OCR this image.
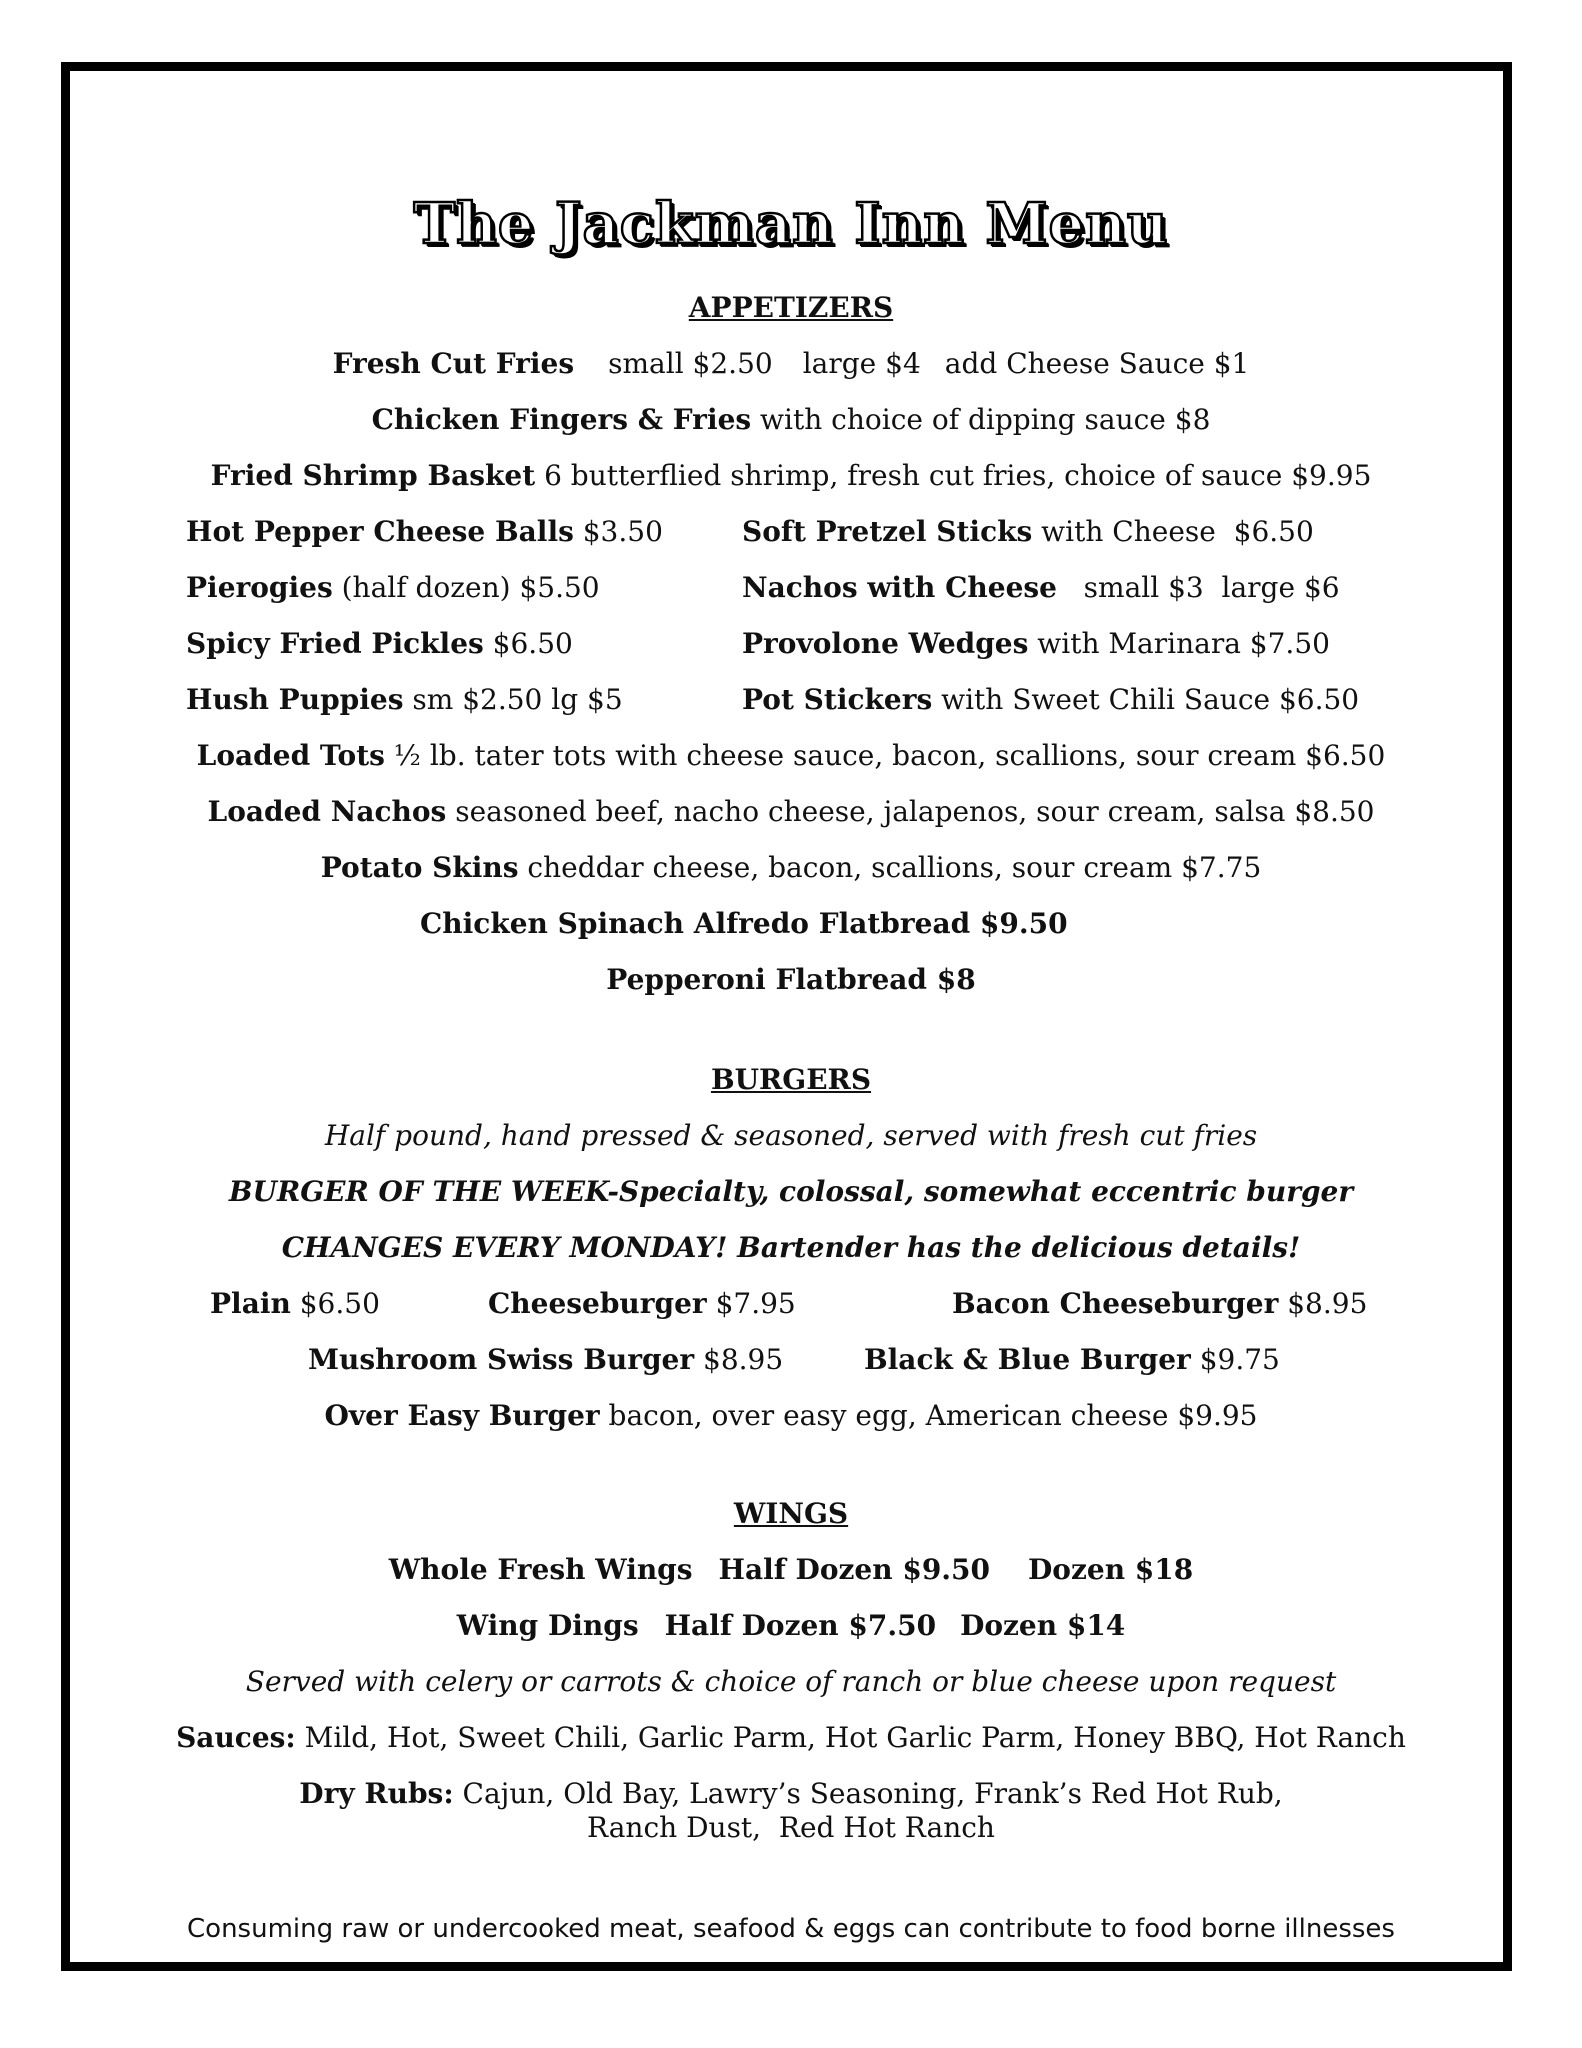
The Jackman Inn Menu
APPETIZERS
Fresh Cut Fries small $2.50 large $4 add Cheese Sauce $1
Chicken Fingers & Fries with choice of dipping sauce $8
Fried Shrimp Basket 6 butterflied shrimp, fresh cut fries, choice of sauce $9.95
Hot Pepper Cheese Balls $3.50	Soft Pretzel Sticks with Cheese  $6.50
Pierogies (half dozen) $5.50	Nachos with Cheese   small $3  large $6
Spicy Fried Pickles $6.50	Provolone Wedges with Marinara $7.50
Hush Puppies sm $2.50 lg $5	Pot Stickers with Sweet Chili Sauce $6.50
Loaded Tots ½ lb. tater tots with cheese sauce, bacon, scallions, sour cream $6.50
Loaded Nachos seasoned beef, nacho cheese, jalapenos, sour cream, salsa $8.50
Potato Skins cheddar cheese, bacon, scallions, sour cream $7.75
Chicken Spinach Alfredo Flatbread $9.50
Pepperoni Flatbread $8
BURGERS
Half pound, hand pressed & seasoned, served with fresh cut fries
BURGER OF THE WEEK-Specialty, colossal, somewhat eccentric burger
CHANGES EVERY MONDAY! Bartender has the delicious details!
Plain $6.50	Cheeseburger $7.95	Bacon Cheeseburger $8.95
Mushroom Swiss Burger $8.95	Black & Blue Burger $9.75
Over Easy Burger bacon, over easy egg, American cheese $9.95
WINGS
Whole Fresh Wings Half Dozen $9.50 Dozen $18
Wing Dings Half Dozen $7.50 Dozen $14
Served with celery or carrots & choice of ranch or blue cheese upon request
Sauces: Mild, Hot, Sweet Chili, Garlic Parm, Hot Garlic Parm, Honey BBQ, Hot Ranch
Dry Rubs: Cajun, Old Bay, Lawry’s Seasoning, Frank’s Red Hot Rub,
Ranch Dust,  Red Hot Ranch
Consuming raw or undercooked meat, seafood & eggs can contribute to food borne illnesses
